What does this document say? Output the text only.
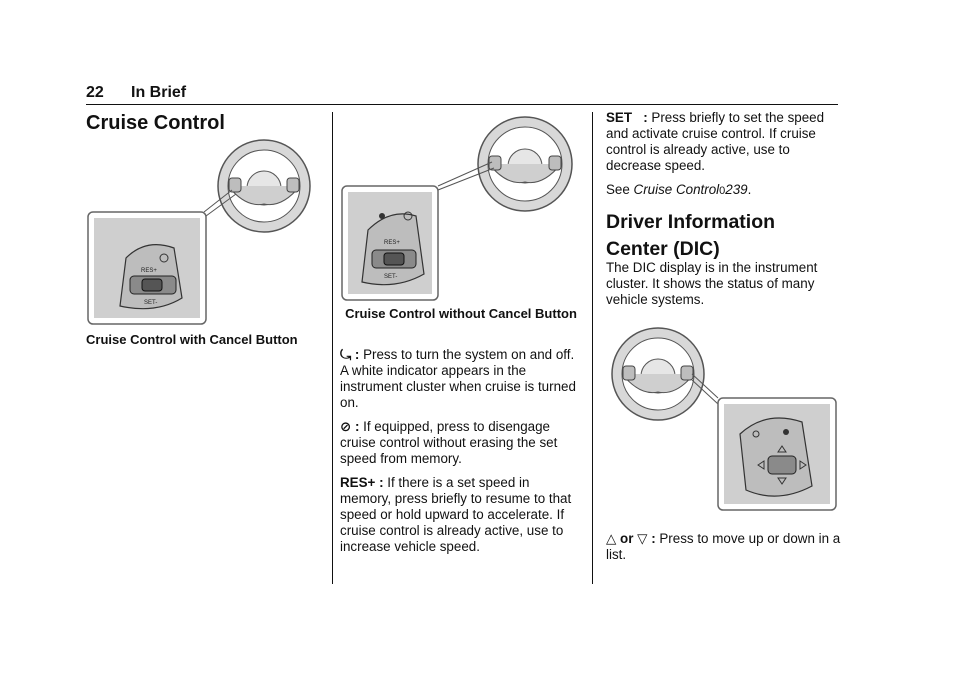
22 In Brief
Cruise Control
RES+
SET-
Cruise Control with Cancel Button
RES+
SET-
Cruise Control without Cancel Button

⤿ : Press to turn the system on and off. A white indicator appears in the instrument cluster when cruise is turned on.

⊘ : If equipped, press to disengage cruise control without erasing the set speed from memory.

RES+ : If there is a set speed in memory, press briefly to resume to that speed or hold upward to accelerate. If cruise control is already active, use to increase vehicle speed.

SET   : Press briefly to set the speed and activate cruise control. If cruise control is already active, use to decrease speed.

See Cruise Control0239.

Driver Information
Center (DIC)
The DIC display is in the instrument cluster. It shows the status of many vehicle systems.
△ or ▽ : Press to move up or down in a list.
